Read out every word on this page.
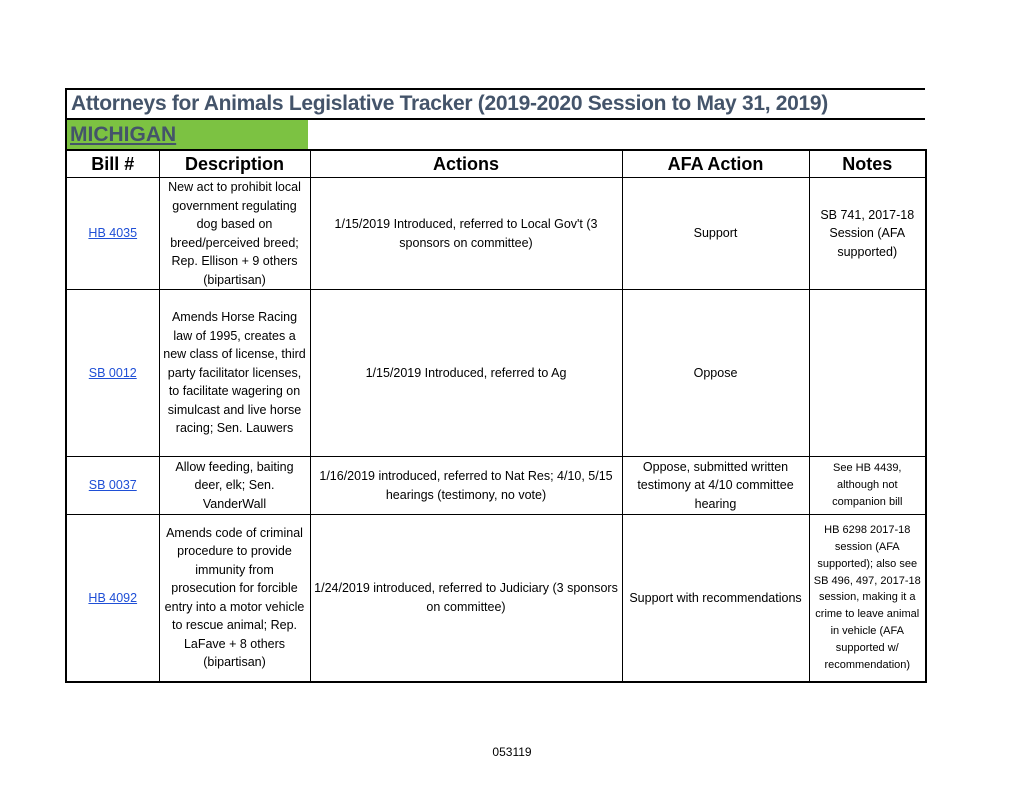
Attorneys for Animals Legislative Tracker (2019-2020 Session to May 31, 2019)
MICHIGAN
Bill #	Description	Actions	AFA Action	Notes
HB 4035	New act to prohibit local government regulating dog based on breed/perceived breed; Rep. Ellison + 9 others (bipartisan)	1/15/2019 Introduced, referred to Local Gov't (3 sponsors on committee)	Support	SB 741, 2017-18 Session (AFA supported)
SB 0012	Amends Horse Racing law of 1995, creates a new class of license, third party facilitator licenses, to facilitate wagering on simulcast and live horse racing; Sen. Lauwers	1/15/2019 Introduced, referred to Ag	Oppose	
SB 0037	Allow feeding, baiting deer, elk; Sen. VanderWall	1/16/2019 introduced, referred to Nat Res; 4/10, 5/15 hearings (testimony, no vote)	Oppose, submitted written testimony at 4/10 committee hearing	See HB 4439, although not companion bill
HB 4092	Amends code of criminal procedure to provide immunity from prosecution for forcible entry into a motor vehicle to rescue animal; Rep. LaFave + 8 others (bipartisan)	1/24/2019 introduced, referred to Judiciary (3 sponsors on committee)	Support with recommendations	HB 6298 2017-18 session (AFA supported); also see SB 496, 497, 2017-18 session, making it a crime to leave animal in vehicle (AFA supported w/ recommendation)
053119
